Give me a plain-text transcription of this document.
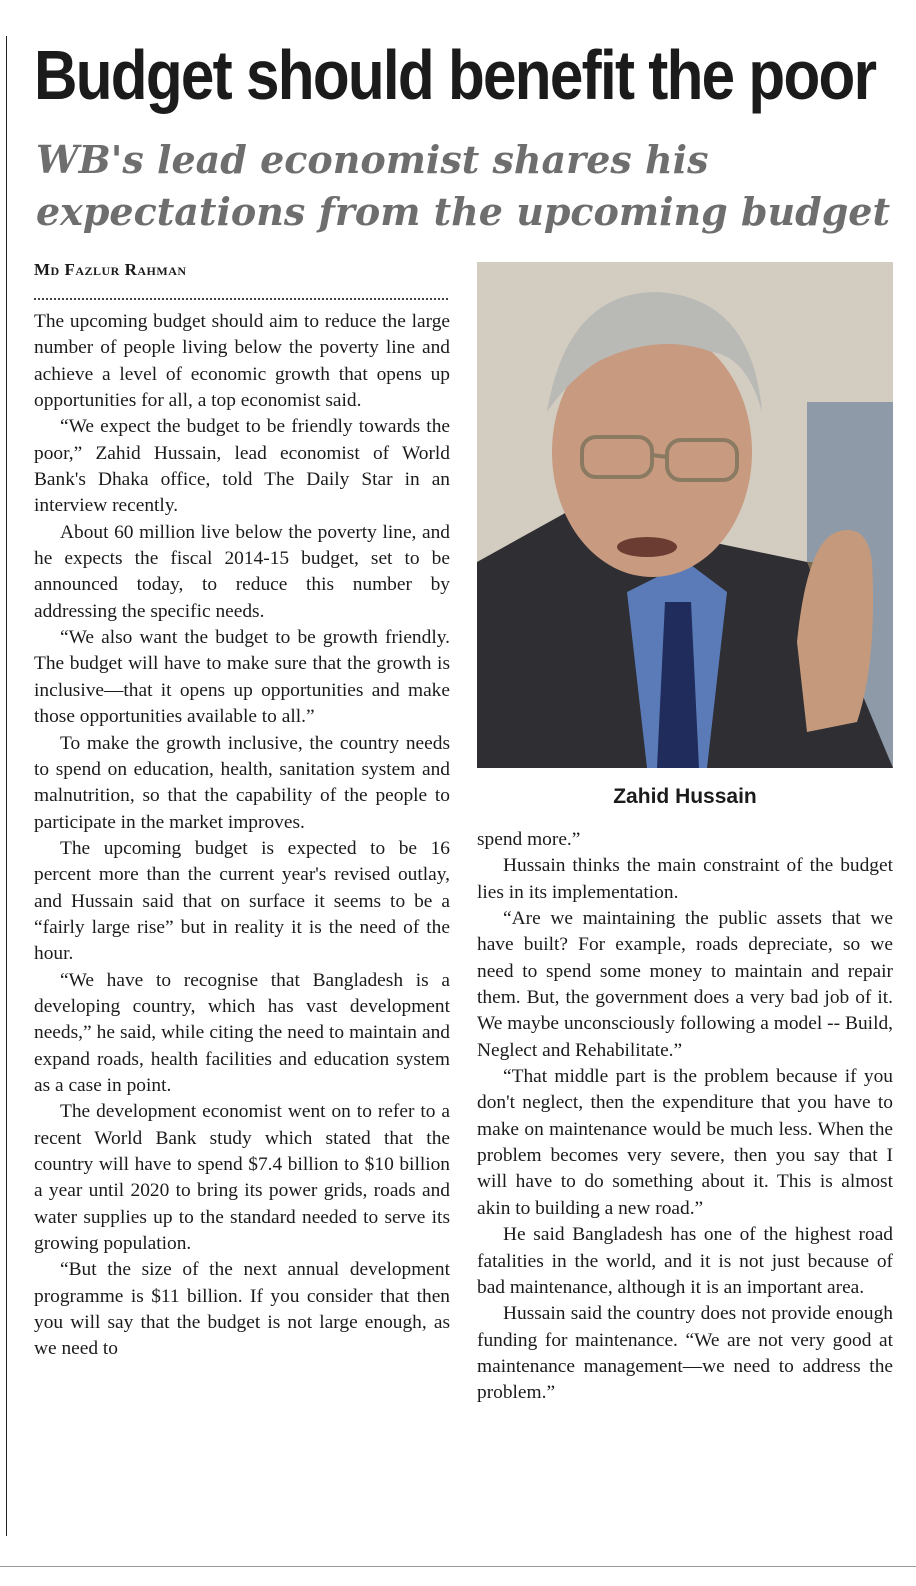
Budget should benefit the poor
WB's lead economist shares his expectations from the upcoming budget
Md Fazlur Rahman

The upcoming budget should aim to reduce the large number of people living below the poverty line and achieve a level of economic growth that opens up opportunities for all, a top economist said.

“We expect the budget to be friendly towards the poor,” Zahid Hussain, lead economist of World Bank's Dhaka office, told The Daily Star in an interview recently.

About 60 million live below the poverty line, and he expects the fiscal 2014-15 budget, set to be announced today, to reduce this number by addressing the specific needs.

“We also want the budget to be growth friendly. The budget will have to make sure that the growth is inclusive—that it opens up opportunities and make those opportunities available to all.”

To make the growth inclusive, the country needs to spend on education, health, sanitation system and malnutrition, so that the capability of the people to participate in the market improves.

The upcoming budget is expected to be 16 percent more than the current year's revised outlay, and Hussain said that on surface it seems to be a “fairly large rise” but in reality it is the need of the hour.

“We have to recognise that Bangladesh is a developing country, which has vast development needs,” he said, while citing the need to maintain and expand roads, health facilities and education system as a case in point.

The development economist went on to refer to a recent World Bank study which stated that the country will have to spend $7.4 billion to $10 billion a year until 2020 to bring its power grids, roads and water supplies up to the standard needed to serve its growing population.

“But the size of the next annual development programme is $11 billion. If you consider that then you will say that the budget is not large enough, as we need to

Zahid Hussain

spend more.”

Hussain thinks the main constraint of the budget lies in its implementation.

“Are we maintaining the public assets that we have built? For example, roads depreciate, so we need to spend some money to maintain and repair them. But, the government does a very bad job of it. We maybe unconsciously following a model -- Build, Neglect and Rehabilitate.”

“That middle part is the problem because if you don't neglect, then the expenditure that you have to make on maintenance would be much less. When the problem becomes very severe, then you say that I will have to do something about it. This is almost akin to building a new road.”

He said Bangladesh has one of the highest road fatalities in the world, and it is not just because of bad maintenance, although it is an important area.

Hussain said the country does not provide enough funding for maintenance. “We are not very good at maintenance management—we need to address the problem.”
